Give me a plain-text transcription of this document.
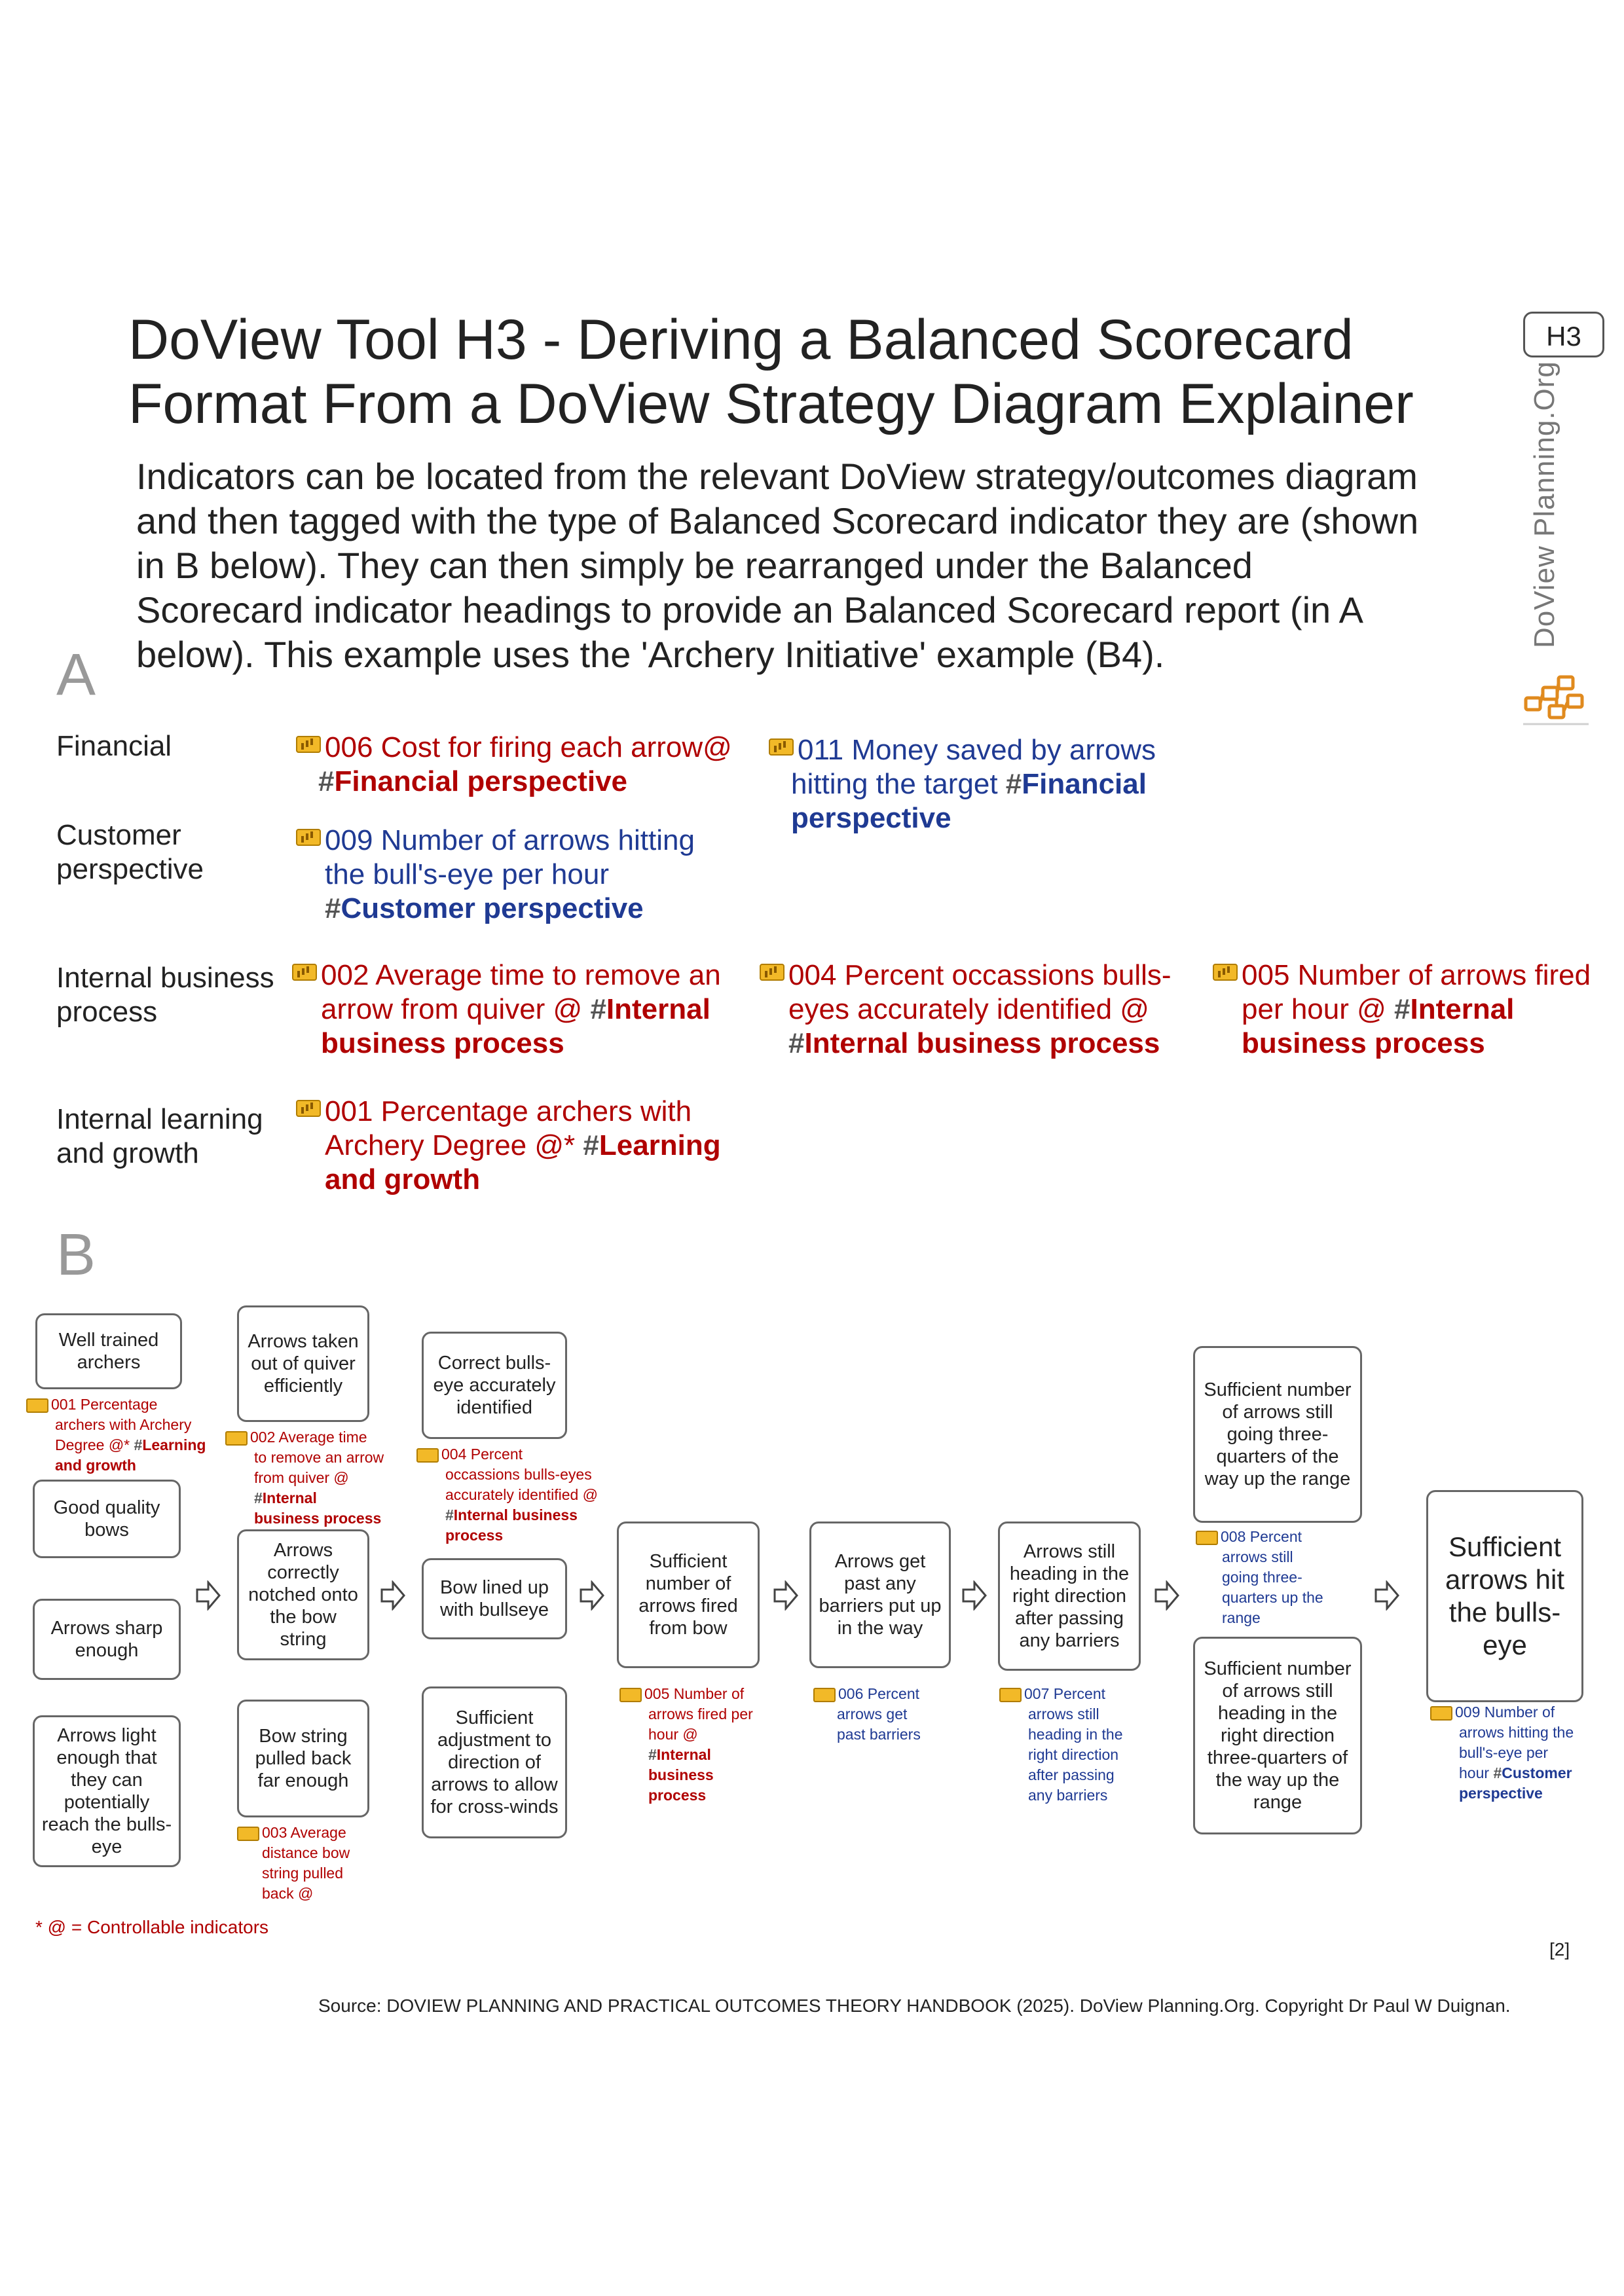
DoView Tool H3 - Deriving a Balanced Scorecard
Format From a DoView Strategy Diagram Explainer
Indicators can be located from the relevant DoView strategy/outcomes diagram
and then tagged with the type of Balanced Scorecard indicator they are (shown
in B below). They can then simply be rearranged under the Balanced
Scorecard indicator headings to provide an Balanced Scorecard report (in A
below). This example uses the 'Archery Initiative' example (B4).
H3
DoView Planning.Org
A
Financial
Customer
perspective
Internal business
process
Internal learning
and growth
006 Cost for firing each arrow@
#Financial perspective
011 Money saved by arrows
hitting the target #Financial
perspective
009 Number of arrows hitting
the bull's-eye per hour
#Customer perspective
002 Average time to remove an
arrow from quiver @ #Internal
business process
004 Percent occassions bulls-
eyes accurately identified @
#Internal business process
005 Number of arrows fired
per hour @ #Internal
business process
001 Percentage archers with
Archery Degree @* #Learning
and growth
B
Well trained archers
001 Percentage
archers with Archery
Degree @* #Learning
and growth
Good quality bows
Arrows sharp enough
Arrows light enough that they can potentially reach the bulls-eye
Arrows taken out of quiver efficiently
002 Average time
to remove an arrow
from quiver @
#Internal
business process
Arrows correctly notched onto the bow string
Bow string pulled back far enough
003 Average
distance bow
string pulled
back @
Correct bulls-eye accurately identified
004 Percent
occassions bulls-eyes
accurately identified @
#Internal business
process
Bow lined up with bullseye
Sufficient adjustment to direction of arrows to allow for cross-winds
Sufficient number of arrows fired from bow
005 Number of
arrows fired per
hour @
#Internal
business
process
Arrows get past any barriers put up in the way
006 Percent
arrows get
past barriers
Arrows still heading in the right direction after passing any barriers
007 Percent
arrows still
heading in the
right direction
after passing
any barriers
Sufficient number of arrows still going three-quarters of the way up the range
008 Percent
arrows still
going three-
quarters up the
range
Sufficient number of arrows still heading in the right direction three-quarters of the way up the range
Sufficient arrows hit the bulls-eye
009 Number of
arrows hitting the
bull's-eye per
hour #Customer
perspective
* @ = Controllable indicators
[2]
Source: DOVIEW PLANNING AND PRACTICAL OUTCOMES THEORY HANDBOOK (2025). DoView Planning.Org. Copyright Dr Paul W Duignan.
